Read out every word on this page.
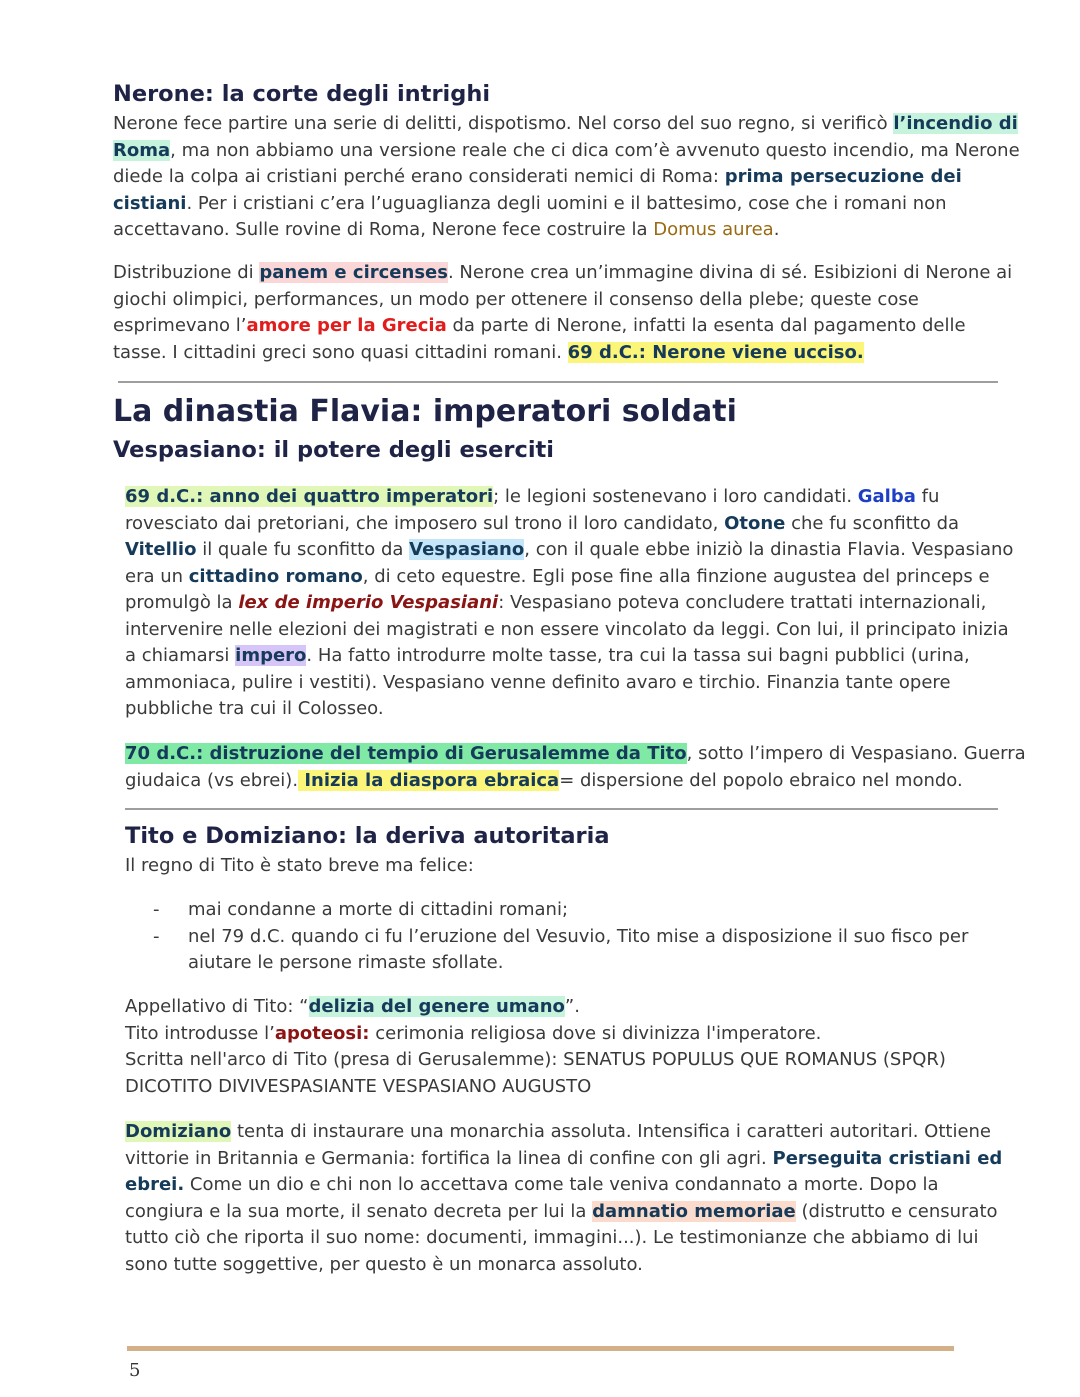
Nerone: la corte degli intrighi
Nerone fece partire una serie di delitti, dispotismo. Nel corso del suo regno, si verificò l’incendio di
Roma, ma non abbiamo una versione reale che ci dica com’è avvenuto questo incendio, ma Nerone
diede la colpa ai cristiani perché erano considerati nemici di Roma: prima persecuzione dei
cistiani. Per i cristiani c’era l’uguaglianza degli uomini e il battesimo, cose che i romani non
accettavano. Sulle rovine di Roma, Nerone fece costruire la Domus aurea.
Distribuzione di panem e circenses. Nerone crea un’immagine divina di sé. Esibizioni di Nerone ai
giochi olimpici, performances, un modo per ottenere il consenso della plebe; queste cose
esprimevano l’amore per la Grecia da parte di Nerone, infatti la esenta dal pagamento delle
tasse. I cittadini greci sono quasi cittadini romani. 69 d.C.: Nerone viene ucciso.
La dinastia Flavia: imperatori soldati
Vespasiano: il potere degli eserciti
69 d.C.: anno dei quattro imperatori; le legioni sostenevano i loro candidati. Galba fu
rovesciato dai pretoriani, che imposero sul trono il loro candidato, Otone che fu sconfitto da
Vitellio il quale fu sconfitto da Vespasiano, con il quale ebbe iniziò la dinastia Flavia. Vespasiano
era un cittadino romano, di ceto equestre. Egli pose fine alla finzione augustea del princeps e
promulgò la lex de imperio Vespasiani: Vespasiano poteva concludere trattati internazionali,
intervenire nelle elezioni dei magistrati e non essere vincolato da leggi. Con lui, il principato inizia
a chiamarsi impero. Ha fatto introdurre molte tasse, tra cui la tassa sui bagni pubblici (urina,
ammoniaca, pulire i vestiti). Vespasiano venne definito avaro e tirchio. Finanzia tante opere
pubbliche tra cui il Colosseo.
70 d.C.: distruzione del tempio di Gerusalemme da Tito, sotto l’impero di Vespasiano. Guerra
giudaica (vs ebrei). Inizia la diaspora ebraica= dispersione del popolo ebraico nel mondo.
Tito e Domiziano: la deriva autoritaria
Il regno di Tito è stato breve ma felice:
- mai condanne a morte di cittadini romani;
- nel 79 d.C. quando ci fu l’eruzione del Vesuvio, Tito mise a disposizione il suo fisco per
aiutare le persone rimaste sfollate.
Appellativo di Tito: “delizia del genere umano”.
Tito introdusse l’apoteosi: cerimonia religiosa dove si divinizza l'imperatore.
Scritta nell'arco di Tito (presa di Gerusalemme): SENATUS POPULUS QUE ROMANUS (SPQR)
DICOTITO DIVIVESPASIANTE VESPASIANO AUGUSTO
Domiziano tenta di instaurare una monarchia assoluta. Intensifica i caratteri autoritari. Ottiene
vittorie in Britannia e Germania: fortifica la linea di confine con gli agri. Perseguita cristiani ed
ebrei. Come un dio e chi non lo accettava come tale veniva condannato a morte. Dopo la
congiura e la sua morte, il senato decreta per lui la damnatio memoriae (distrutto e censurato
tutto ciò che riporta il suo nome: documenti, immagini...). Le testimonianze che abbiamo di lui
sono tutte soggettive, per questo è un monarca assoluto.
5
